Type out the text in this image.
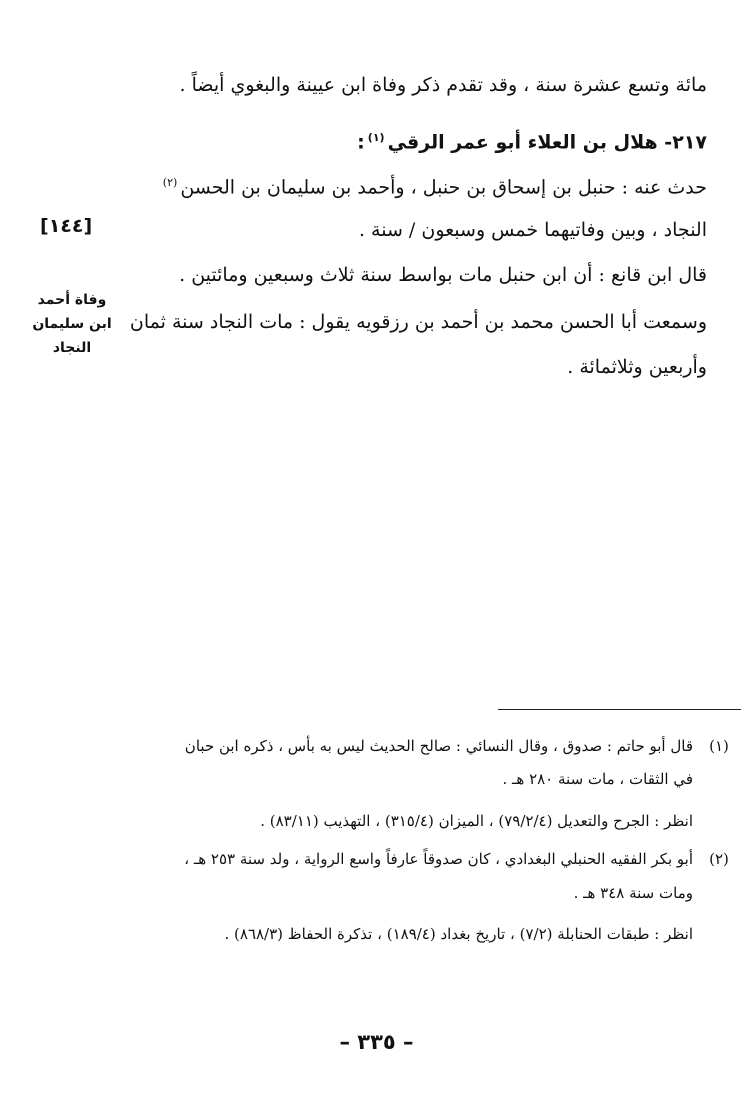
مائة وتسع عشرة سنة ، وقد تقدم ذكر وفاة ابن عيينة والبغوي أيضاً .
٢١٧- هلال بن العلاء أبو عمر الرقي$^{(١)}$:
حدث عنه : حنبل بن إسحاق بن حنبل ، وأحمد بن سليمان بن الحسن$^{(٢)}$
النجاد ، وبين وفاتيهما خمس وسبعون / سنة .
قال ابن قانع : أن ابن حنبل مات بواسط سنة ثلاث وسبعين ومائتين .
وسمعت أبا الحسن محمد بن أحمد بن رزقويه يقول : مات النجاد سنة ثمان
وأربعين وثلاثمائة .
[١٤٤]
وفاة أحمد
ابن سليمان
النجاد
(١)
قال أبو حاتم : صدوق ، وقال النسائي : صالح الحديث ليس به بأس ، ذكره ابن حبان
في الثقات ، مات سنة ٢٨٠ هـ .
انظر : الجرح والتعديل (٧٩/٢/٤) ، الميزان (٣١٥/٤) ، التهذيب (٨٣/١١) .
(٢)
أبو بكر الفقيه الحنبلي البغدادي ، كان صدوقاً عارفاً واسع الرواية ، ولد سنة ٢٥٣ هـ ،
ومات سنة ٣٤٨ هـ .
انظر : طبقات الحنابلة (٧/٢) ، تاريخ بغداد (١٨٩/٤) ، تذكرة الحفاظ (٨٦٨/٣) .
– ٣٣٥ –
